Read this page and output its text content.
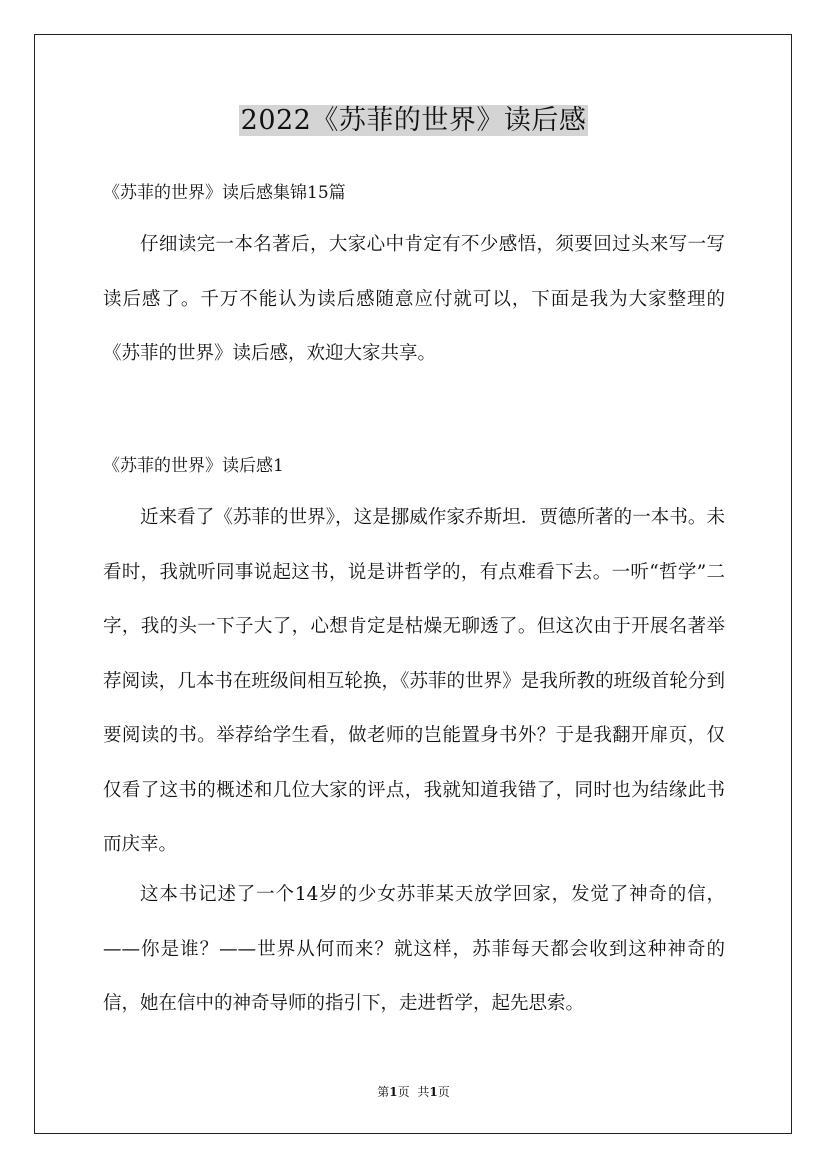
2022《苏菲的世界》读后感
《苏菲的世界》读后感集锦15篇

仔细读完一本名著后，大家心中肯定有不少感悟，须要回过头来写一写读后感了。千万不能认为读后感随意应付就可以，下面是我为大家整理的《苏菲的世界》读后感，欢迎大家共享。

《苏菲的世界》读后感1

近来看了《苏菲的世界》，这是挪威作家乔斯坦．贾德所著的一本书。未看时，我就听同事说起这书，说是讲哲学的，有点难看下去。一听“哲学”二字，我的头一下子大了，心想肯定是枯燥无聊透了。但这次由于开展名著举荐阅读，几本书在班级间相互轮换，《苏菲的世界》是我所教的班级首轮分到要阅读的书。举荐给学生看，做老师的岂能置身书外？于是我翻开扉页，仅仅看了这书的概述和几位大家的评点，我就知道我错了，同时也为结缘此书而庆幸。

这本书记述了一个14岁的少女苏菲某天放学回家，发觉了神奇的信，——你是谁？——世界从何而来？就这样，苏菲每天都会收到这种神奇的信，她在信中的神奇导师的指引下，走进哲学，起先思索。

第1页 共1页
